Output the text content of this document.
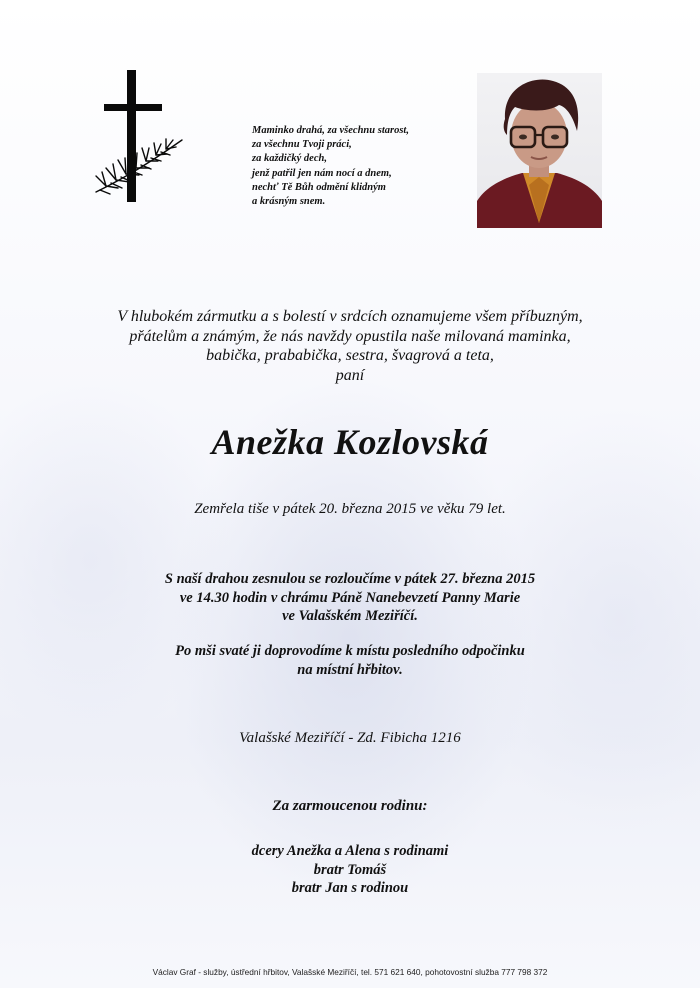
Maminko drahá, za všechnu starost,
za všechnu Tvoji práci,
za každičký dech,
jenž patřil jen nám nocí a dnem,
nechť Tě Bůh odmění klidným
a krásným snem.
V hlubokém zármutku a s bolestí v srdcích oznamujeme všem příbuzným,
přátelům a známým, že nás navždy opustila naše milovaná maminka,
babička, prababička, sestra, švagrová a teta,
paní
Anežka Kozlovská
Zemřela tiše v pátek 20. března 2015 ve věku 79 let.
S naší drahou zesnulou se rozloučíme v pátek 27. března 2015
ve 14.30 hodin v chrámu Páně Nanebevzetí Panny Marie
ve Valašském Meziříčí.
Po mši svaté ji doprovodíme k místu posledního odpočinku
na místní hřbitov.
Valašské Meziříčí - Zd. Fibicha 1216
Za zarmoucenou rodinu:
dcery Anežka a Alena s rodinami
bratr Tomáš
bratr Jan s rodinou
Václav Graf - služby, ústřední hřbitov, Valašské Meziříčí, tel. 571 621 640, pohotovostní služba 777 798 372
